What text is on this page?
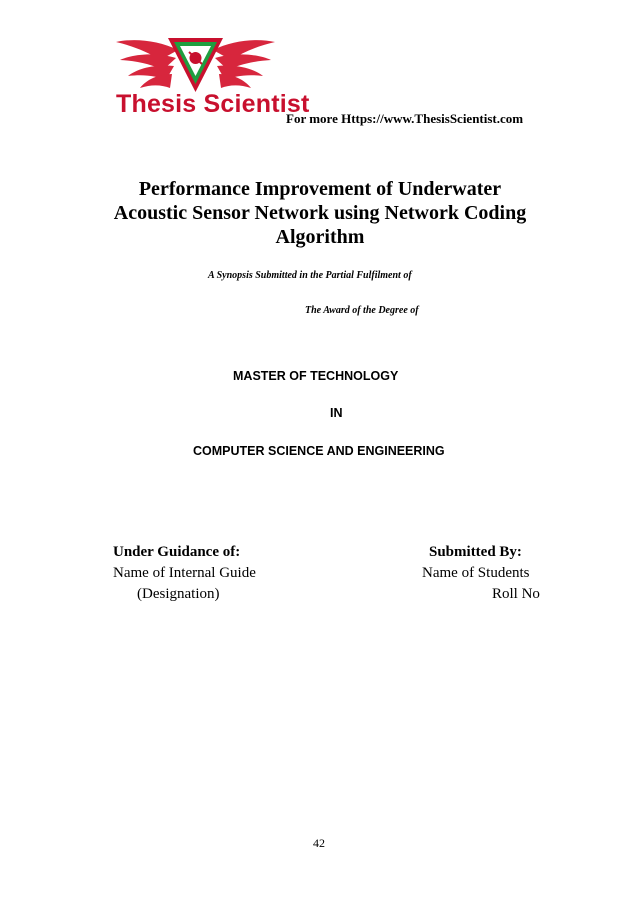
Thesis Scientist
For more Https://www.ThesisScientist.com
Performance Improvement of Underwater
Acoustic Sensor Network using Network Coding
Algorithm
A Synopsis Submitted in the Partial Fulfilment of
The Award of the Degree of
MASTER OF TECHNOLOGY
IN
COMPUTER SCIENCE AND ENGINEERING
Under Guidance of:
Name of Internal Guide
(Designation)
Submitted By:
Name of Students
Roll No
42
